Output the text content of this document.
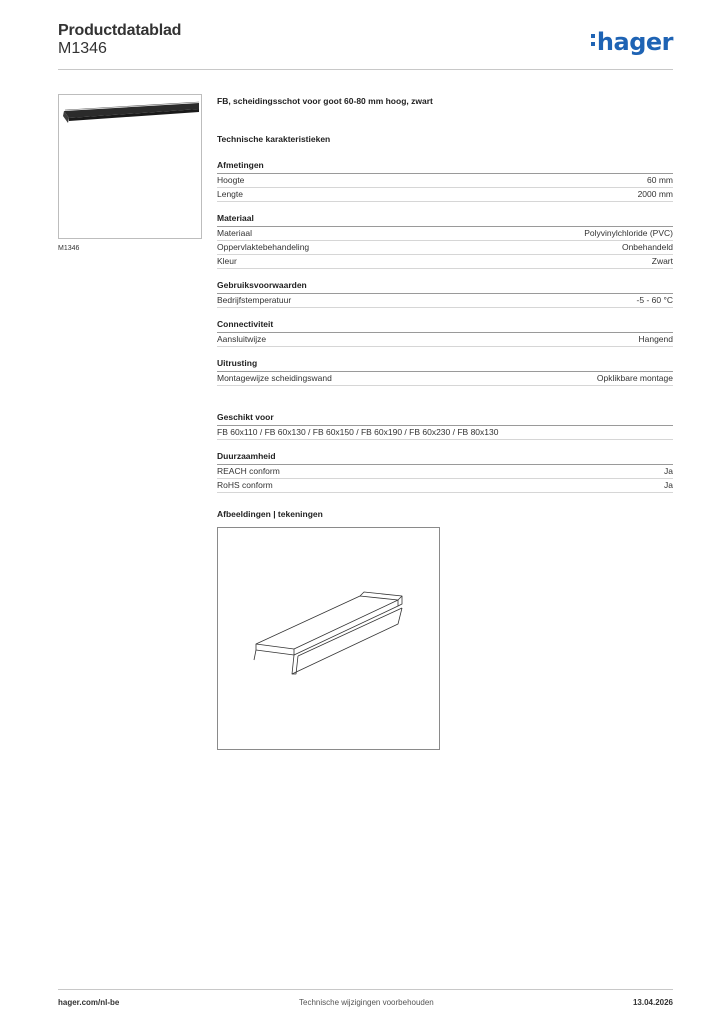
Productdatablad
M1346	hager
M1346
FB, scheidingsschot voor goot 60-80 mm hoog, zwart
Technische karakteristieken
Afmetingen
Hoogte	60 mm
Lengte	2000 mm
Materiaal
Materiaal	Polyvinylchloride (PVC)
Oppervlaktebehandeling	Onbehandeld
Kleur	Zwart
Gebruiksvoorwaarden
Bedrijfstemperatuur	-5 - 60 °C
Connectiviteit
Aansluitwijze	Hangend
Uitrusting
Montagewijze scheidingswand	Opklikbare montage
Geschikt voor
FB 60x110 / FB 60x130 / FB 60x150 / FB 60x190 / FB 60x230 / FB 80x130
Duurzaamheid
REACH conform	Ja
RoHS conform	Ja
Afbeeldingen | tekeningen
hager.com/nl-be	Technische wijzigingen voorbehouden	13.04.2026
